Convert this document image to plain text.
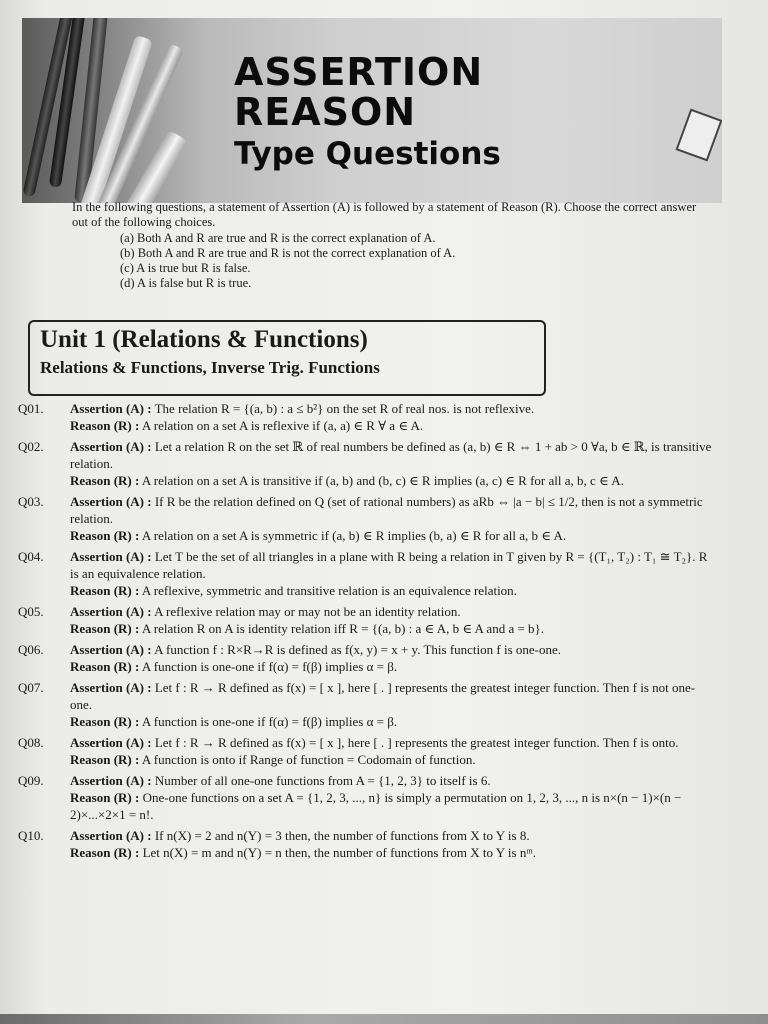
ASSERTION
REASON
Type Questions

In the following questions, a statement of Assertion (A) is followed by a statement of Reason (R). Choose the correct answer out of the following choices.

(a) Both A and R are true and R is the correct explanation of A.
(b) Both A and R are true and R is not the correct explanation of A.
(c) A is true but R is false.
(d) A is false but R is true.
Unit 1 (Relations & Functions)
Relations & Functions, Inverse Trig. Functions
Q01. Assertion (A) : The relation R = {(a, b) : a ≤ b²} on the set R of real nos. is not reflexive.

Reason (R) : A relation on a set A is reflexive if (a, a) ∈ R ∀ a ∈ A.

Q02. Assertion (A) : Let a relation R on the set ℝ of real numbers be defined as (a, b) ∈ R ⇔ 1 + ab > 0 ∀a, b ∈ ℝ, is transitive relation.

Reason (R) : A relation on a set A is transitive if (a, b) and (b, c) ∈ R implies (a, c) ∈ R for all a, b, c ∈ A.

Q03. Assertion (A) : If R be the relation defined on Q (set of rational numbers) as aRb ⇔ |a − b| ≤ 1/2, then is not a symmetric relation.

Reason (R) : A relation on a set A is symmetric if (a, b) ∈ R implies (b, a) ∈ R for all a, b ∈ A.

Q04. Assertion (A) : Let T be the set of all triangles in a plane with R being a relation in T given by R = {(T₁, T₂) : T₁ ≅ T₂}. R is an equivalence relation.

Reason (R) : A reflexive, symmetric and transitive relation is an equivalence relation.

Q05. Assertion (A) : A reflexive relation may or may not be an identity relation.

Reason (R) : A relation R on A is identity relation iff R = {(a, b) : a ∈ A, b ∈ A and a = b}.

Q06. Assertion (A) : A function f : R×R→R is defined as f(x, y) = x + y. This function f is one-one.

Reason (R) : A function is one-one if f(α) = f(β) implies α = β.

Q07. Assertion (A) : Let f : R → R defined as f(x) = [ x ], here [ . ] represents the greatest integer function. Then f is not one-one.

Reason (R) : A function is one-one if f(α) = f(β) implies α = β.

Q08. Assertion (A) : Let f : R → R defined as f(x) = [ x ], here [ . ] represents the greatest integer function. Then f is onto.

Reason (R) : A function is onto if Range of function = Codomain of function.

Q09. Assertion (A) : Number of all one-one functions from A = {1, 2, 3} to itself is 6.

Reason (R) : One-one functions on a set A = {1, 2, 3, ..., n} is simply a permutation on 1, 2, 3, ..., n is n×(n − 1)×(n − 2)×...×2×1 = n!.

Q10. Assertion (A) : If n(X) = 2 and n(Y) = 3 then, the number of functions from X to Y is 8.

Reason (R) : Let n(X) = m and n(Y) = n then, the number of functions from X to Y is nᵐ.
